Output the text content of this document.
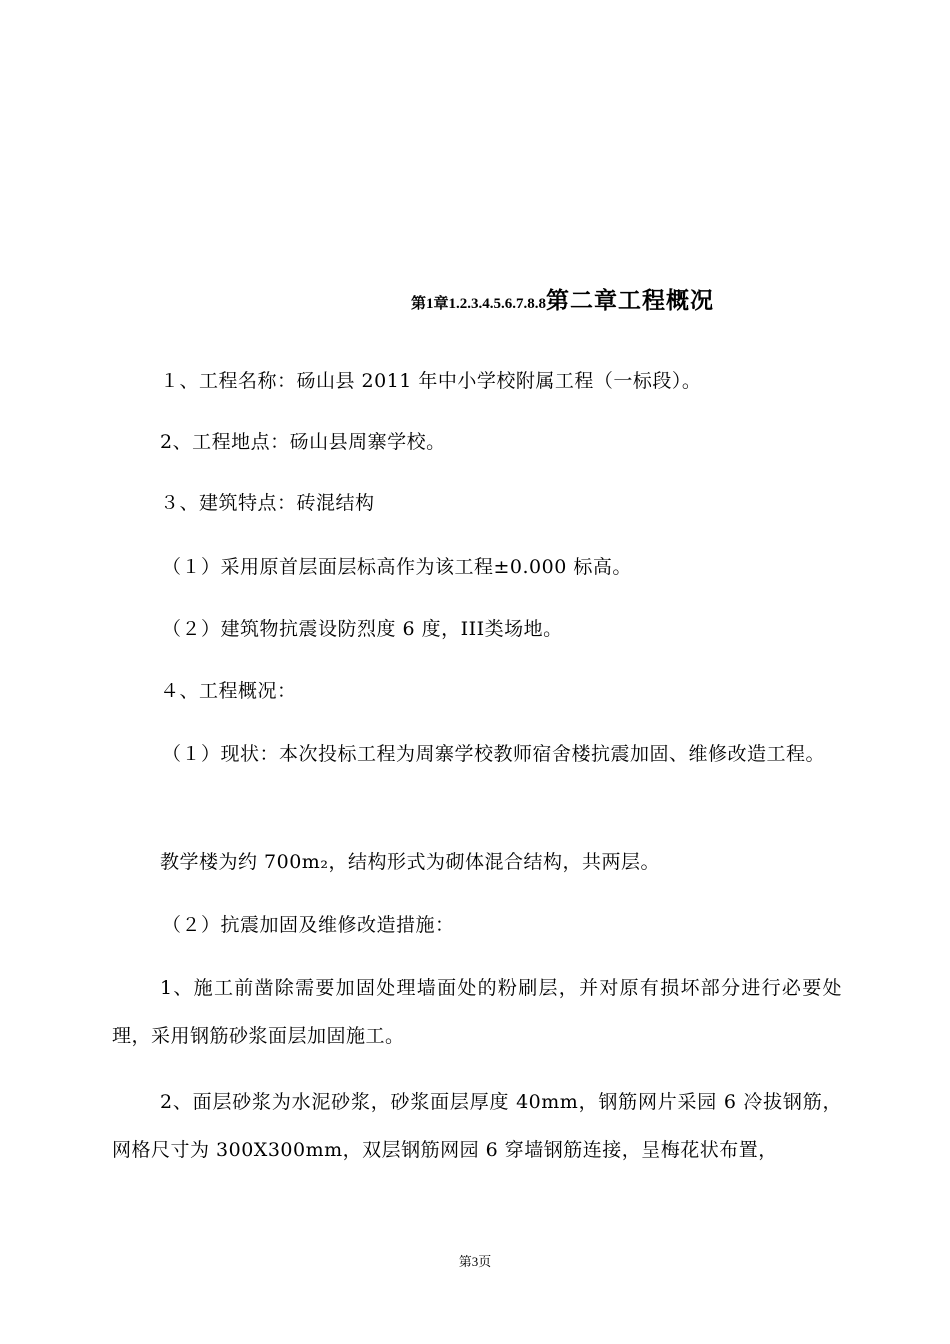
第1章1.2.3.4.5.6.7.8.8第二章工程概况
１、工程名称：砀山县 2011 年中小学校附属工程（一标段）。
2、工程地点：砀山县周寨学校。
３、建筑特点：砖混结构
（１）采用原首层面层标高作为该工程±0.000 标高。
（２）建筑物抗震设防烈度 6 度，III类场地。
４、工程概况：
（１）现状：本次投标工程为周寨学校教师宿舍楼抗震加固、维修改造工程。
教学楼为约 700m₂，结构形式为砌体混合结构，共两层。
（２）抗震加固及维修改造措施：
1、施工前凿除需要加固处理墙面处的粉刷层，并对原有损坏部分进行必要处理，采用钢筋砂浆面层加固施工。
2、面层砂浆为水泥砂浆，砂浆面层厚度 40mm，钢筋网片采园 6 冷拔钢筋，网格尺寸为 300X300mm，双层钢筋网园 6 穿墙钢筋连接，呈梅花状布置，
第3页
